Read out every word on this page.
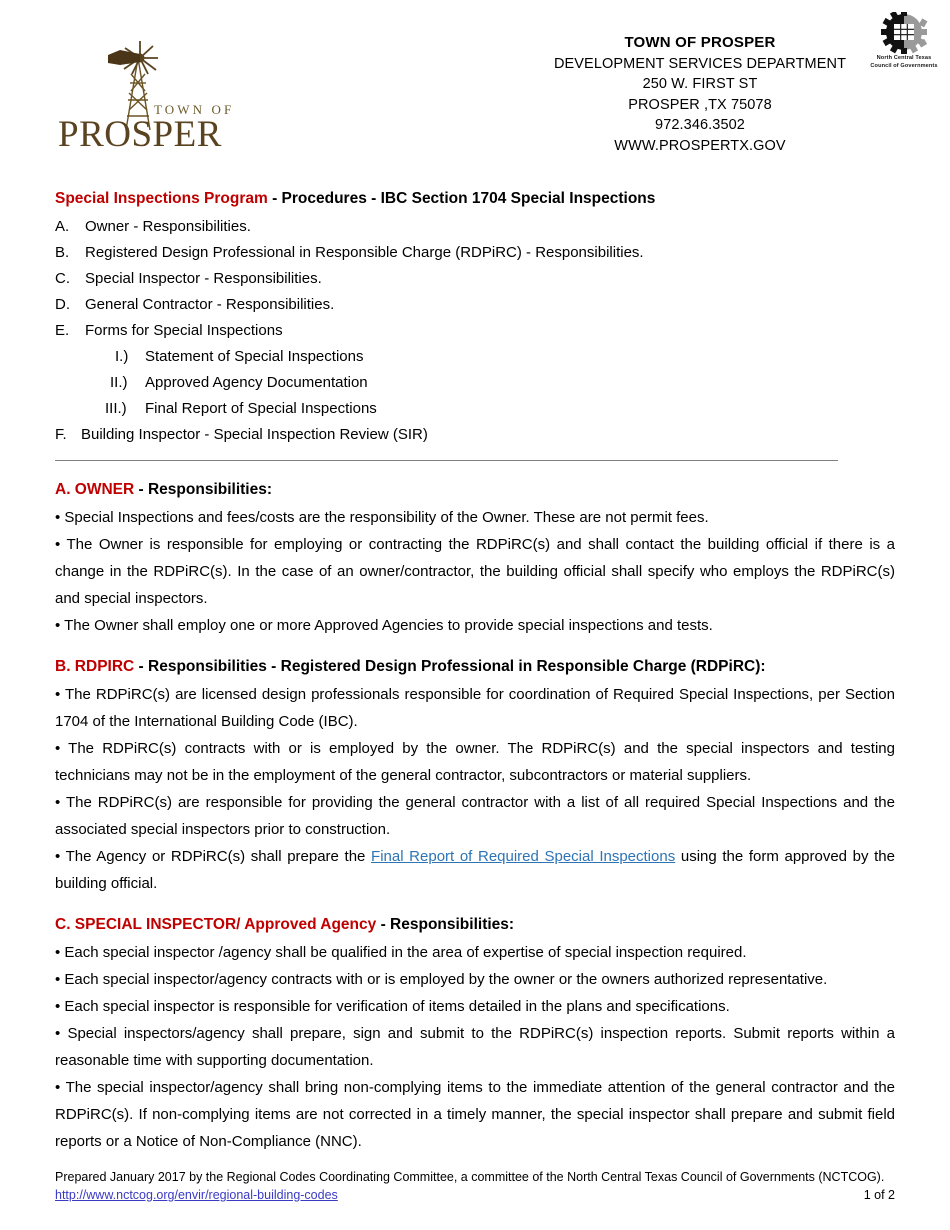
TOWN OF
PROSPER
TOWN OF PROSPER
DEVELOPMENT SERVICES DEPARTMENT
250 W. FIRST ST
PROSPER ,TX 75078
972.346.3502
WWW.PROSPERTX.GOV
North Central Texas
Council of Governments
Special Inspections Program - Procedures - IBC Section 1704 Special Inspections
A. Owner - Responsibilities.
B. Registered Design Professional in Responsible Charge (RDPiRC) - Responsibilities.
C. Special Inspector - Responsibilities.
D. General Contractor - Responsibilities.
E. Forms for Special Inspections
I.) Statement of Special Inspections
II.) Approved Agency Documentation
III.) Final Report of Special Inspections
F. Building Inspector - Special Inspection Review (SIR)
A. OWNER - Responsibilities:

• Special Inspections and fees/costs are the responsibility of the Owner. These are not permit fees.

• The Owner is responsible for employing or contracting the RDPiRC(s) and shall contact the building official if there is a change in the RDPiRC(s). In the case of an owner/contractor, the building official shall specify who employs the RDPiRC(s) and special inspectors.

• The Owner shall employ one or more Approved Agencies to provide special inspections and tests.

B. RDPIRC - Responsibilities - Registered Design Professional in Responsible Charge (RDPiRC):

• The RDPiRC(s) are licensed design professionals responsible for coordination of Required Special Inspections, per Section 1704 of the International Building Code (IBC).

• The RDPiRC(s) contracts with or is employed by the owner. The RDPiRC(s) and the special inspectors and testing technicians may not be in the employment of the general contractor, subcontractors or material suppliers.

• The RDPiRC(s) are responsible for providing the general contractor with a list of all required Special Inspections and the associated special inspectors prior to construction.

• The Agency or RDPiRC(s) shall prepare the Final Report of Required Special Inspections using the form approved by the building official.

C. SPECIAL INSPECTOR/ Approved Agency - Responsibilities:

• Each special inspector /agency shall be qualified in the area of expertise of special inspection required.

• Each special inspector/agency contracts with or is employed by the owner or the owners authorized representative.

• Each special inspector is responsible for verification of items detailed in the plans and specifications.

• Special inspectors/agency shall prepare, sign and submit to the RDPiRC(s) inspection reports. Submit reports within a reasonable time with supporting documentation.

• The special inspector/agency shall bring non-complying items to the immediate attention of the general contractor and the RDPiRC(s). If non-complying items are not corrected in a timely manner, the special inspector shall prepare and submit field reports or a Notice of Non-Compliance (NNC).

Prepared January 2017 by the Regional Codes Coordinating Committee, a committee of the North Central Texas Council of Governments (NCTCOG).
http://www.nctcog.org/envir/regional-building-codes	1 of 2
